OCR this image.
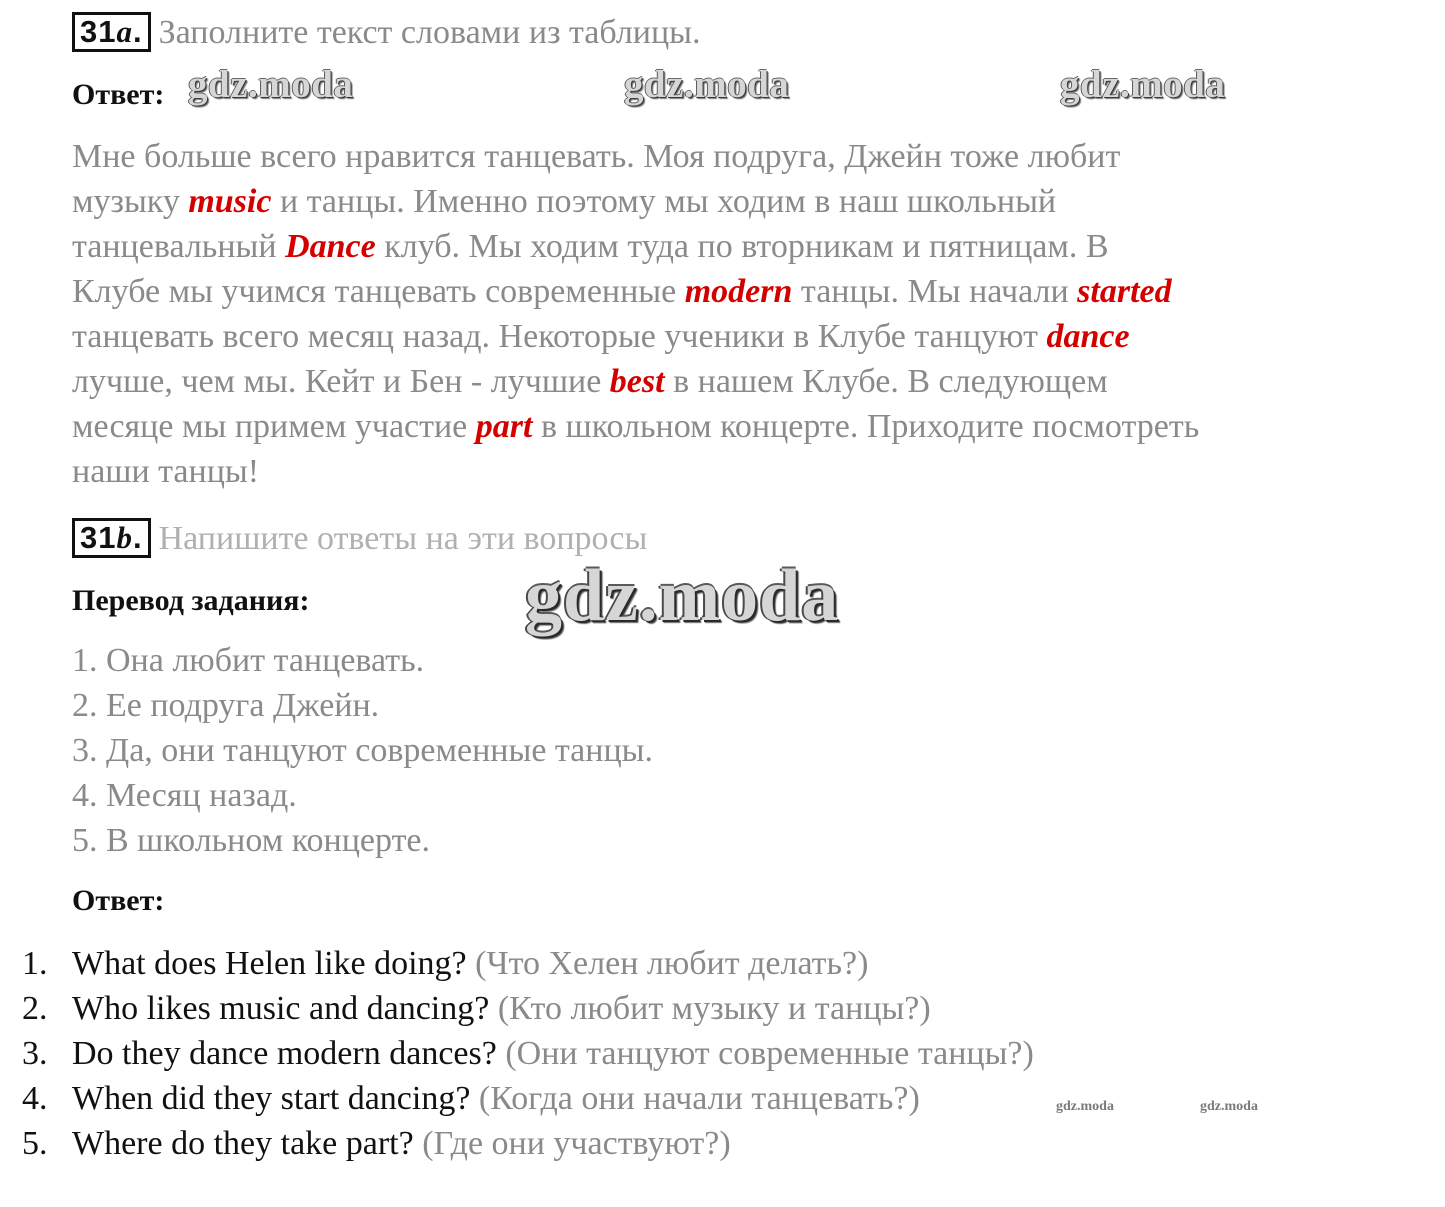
31a. Заполните текст словами из таблицы.
Ответ: gdz.moda	gdz.moda	gdz.moda
Мне больше всего нравится танцевать. Моя подруга, Джейн тоже любит
музыку music и танцы. Именно поэтому мы ходим в наш школьный
танцевальный Dance клуб. Мы ходим туда по вторникам и пятницам. В
Клубе мы учимся танцевать современные modern танцы. Мы начали started
танцевать всего месяц назад. Некоторые ученики в Клубе танцуют dance
лучше, чем мы. Кейт и Бен - лучшие best в нашем Клубе. В следующем
месяце мы примем участие part в школьном концерте. Приходите посмотреть
наши танцы!
31b. Напишите ответы на эти вопросы
Перевод задания:	gdz.moda
1. Она любит танцевать.
2. Ее подруга Джейн.
3. Да, они танцуют современные танцы.
4. Месяц назад.
5. В школьном концерте.
Ответ:
1. What does Helen like doing? (Что Хелен любит делать?)
2. Who likes music and dancing? (Кто любит музыку и танцы?)
3. Do they dance modern dances? (Они танцуют современные танцы?)
4. When did they start dancing? (Когда они начали танцевать?)
5. Where do they take part? (Где они участвуют?)
gdz.moda	gdz.moda
